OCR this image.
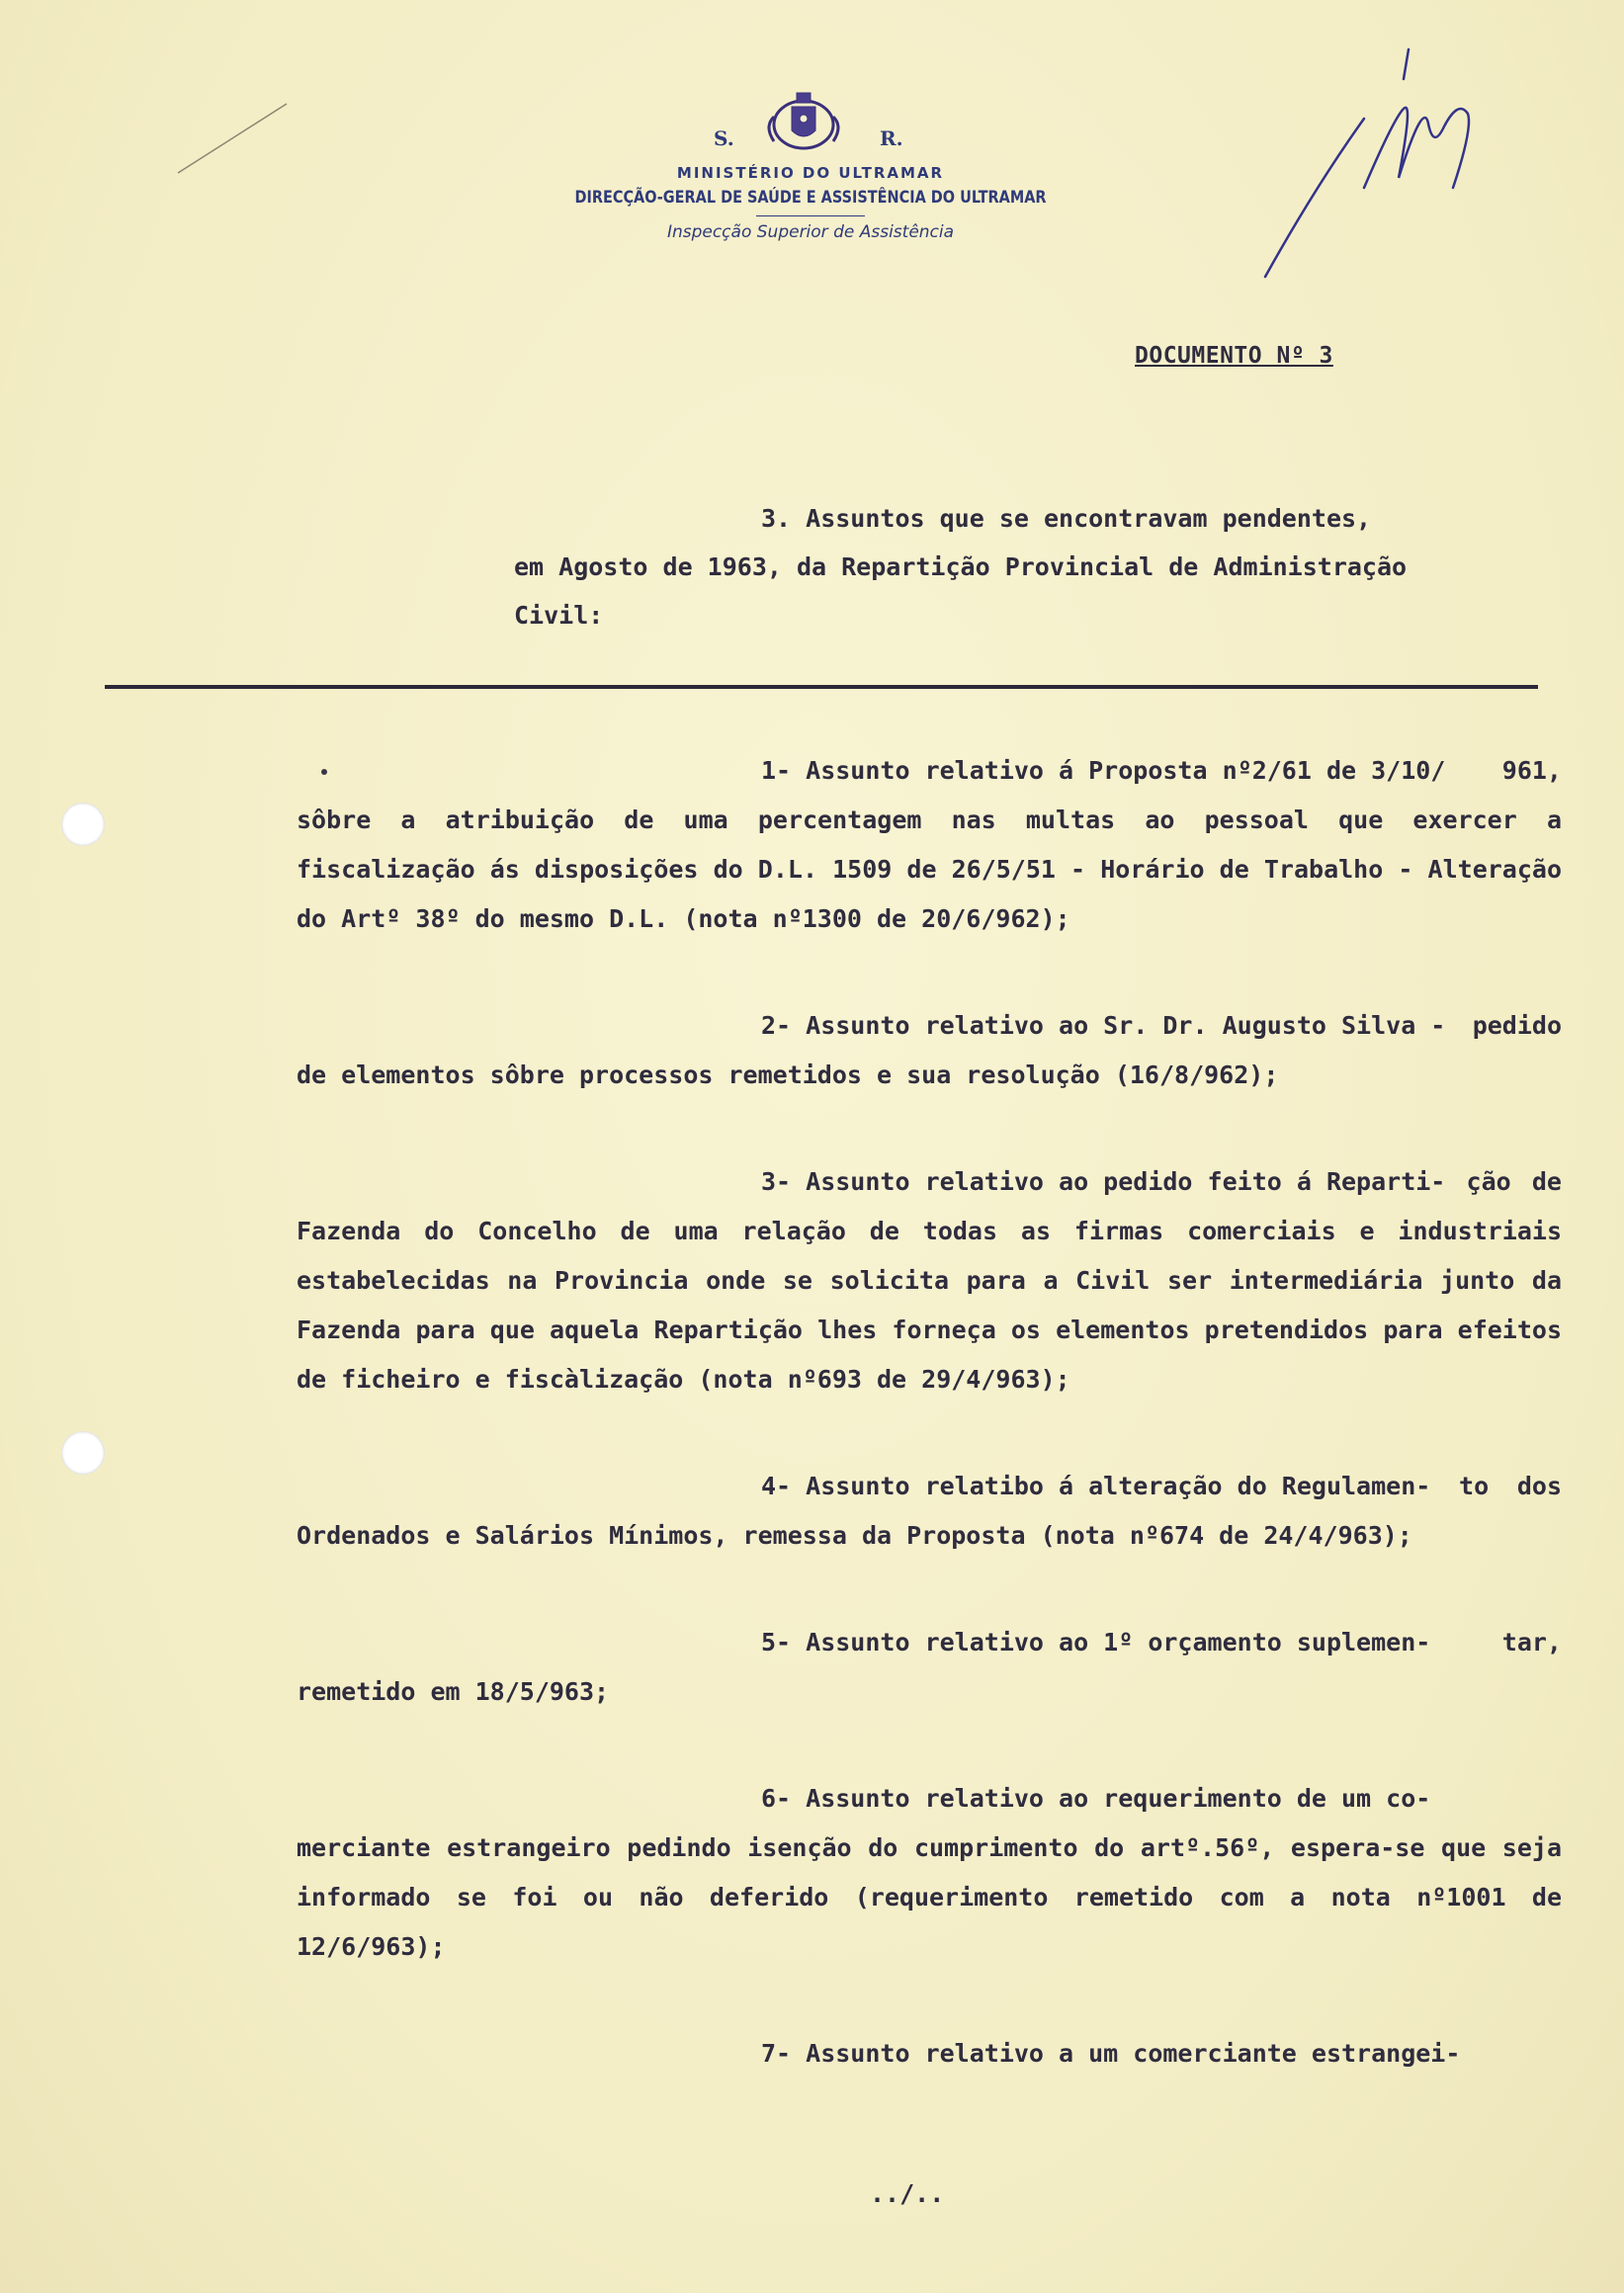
S.	R.
MINISTÉRIO DO ULTRAMAR
DIRECÇÃO-GERAL DE SAÚDE E ASSISTÊNCIA DO ULTRAMAR
Inspecção Superior de Assistência
DOCUMENTO Nº 3
3. Assuntos que se encontravam pendentes,
em Agosto de 1963, da Repartição Provincial de Administração Civil:

1- Assunto relativo á Proposta nº2/61 de 3/10/ 961, sôbre a atribuição de uma percentagem nas multas ao pessoal que exercer a fiscalização ás disposições do D.L. 1509 de 26/5/51 - Horário de Trabalho - Alteração do Artº 38º do mesmo D.L. (nota nº1300 de 20/6/962);

2- Assunto relativo ao Sr. Dr. Augusto Silva - pedido de elementos sôbre processos remetidos e sua resolução (16/8/962);

3- Assunto relativo ao pedido feito á Reparti- ção de Fazenda do Concelho de uma relação de todas as firmas comerciais e industriais estabelecidas na Provincia onde se solicita para a Civil ser intermediária junto da Fazenda para que aquela Repartição lhes forneça os elementos pretendidos para efeitos de ficheiro e fiscàlização (nota nº693 de 29/4/963);

4- Assunto relatibo á alteração do Regulamen- to dos Ordenados e Salários Mínimos, remessa da Proposta (nota nº674 de 24/4/963);

5- Assunto relativo ao 1º orçamento suplemen-	tar, remetido em 18/5/963;

6- Assunto relativo ao requerimento de um co- merciante estrangeiro pedindo isenção do cumprimento do artº.56º, espera-se que seja informado se foi ou não deferido (requerimento remetido com a nota nº1001 de 12/6/963);

7- Assunto relativo a um comerciante estrangei-

../..
